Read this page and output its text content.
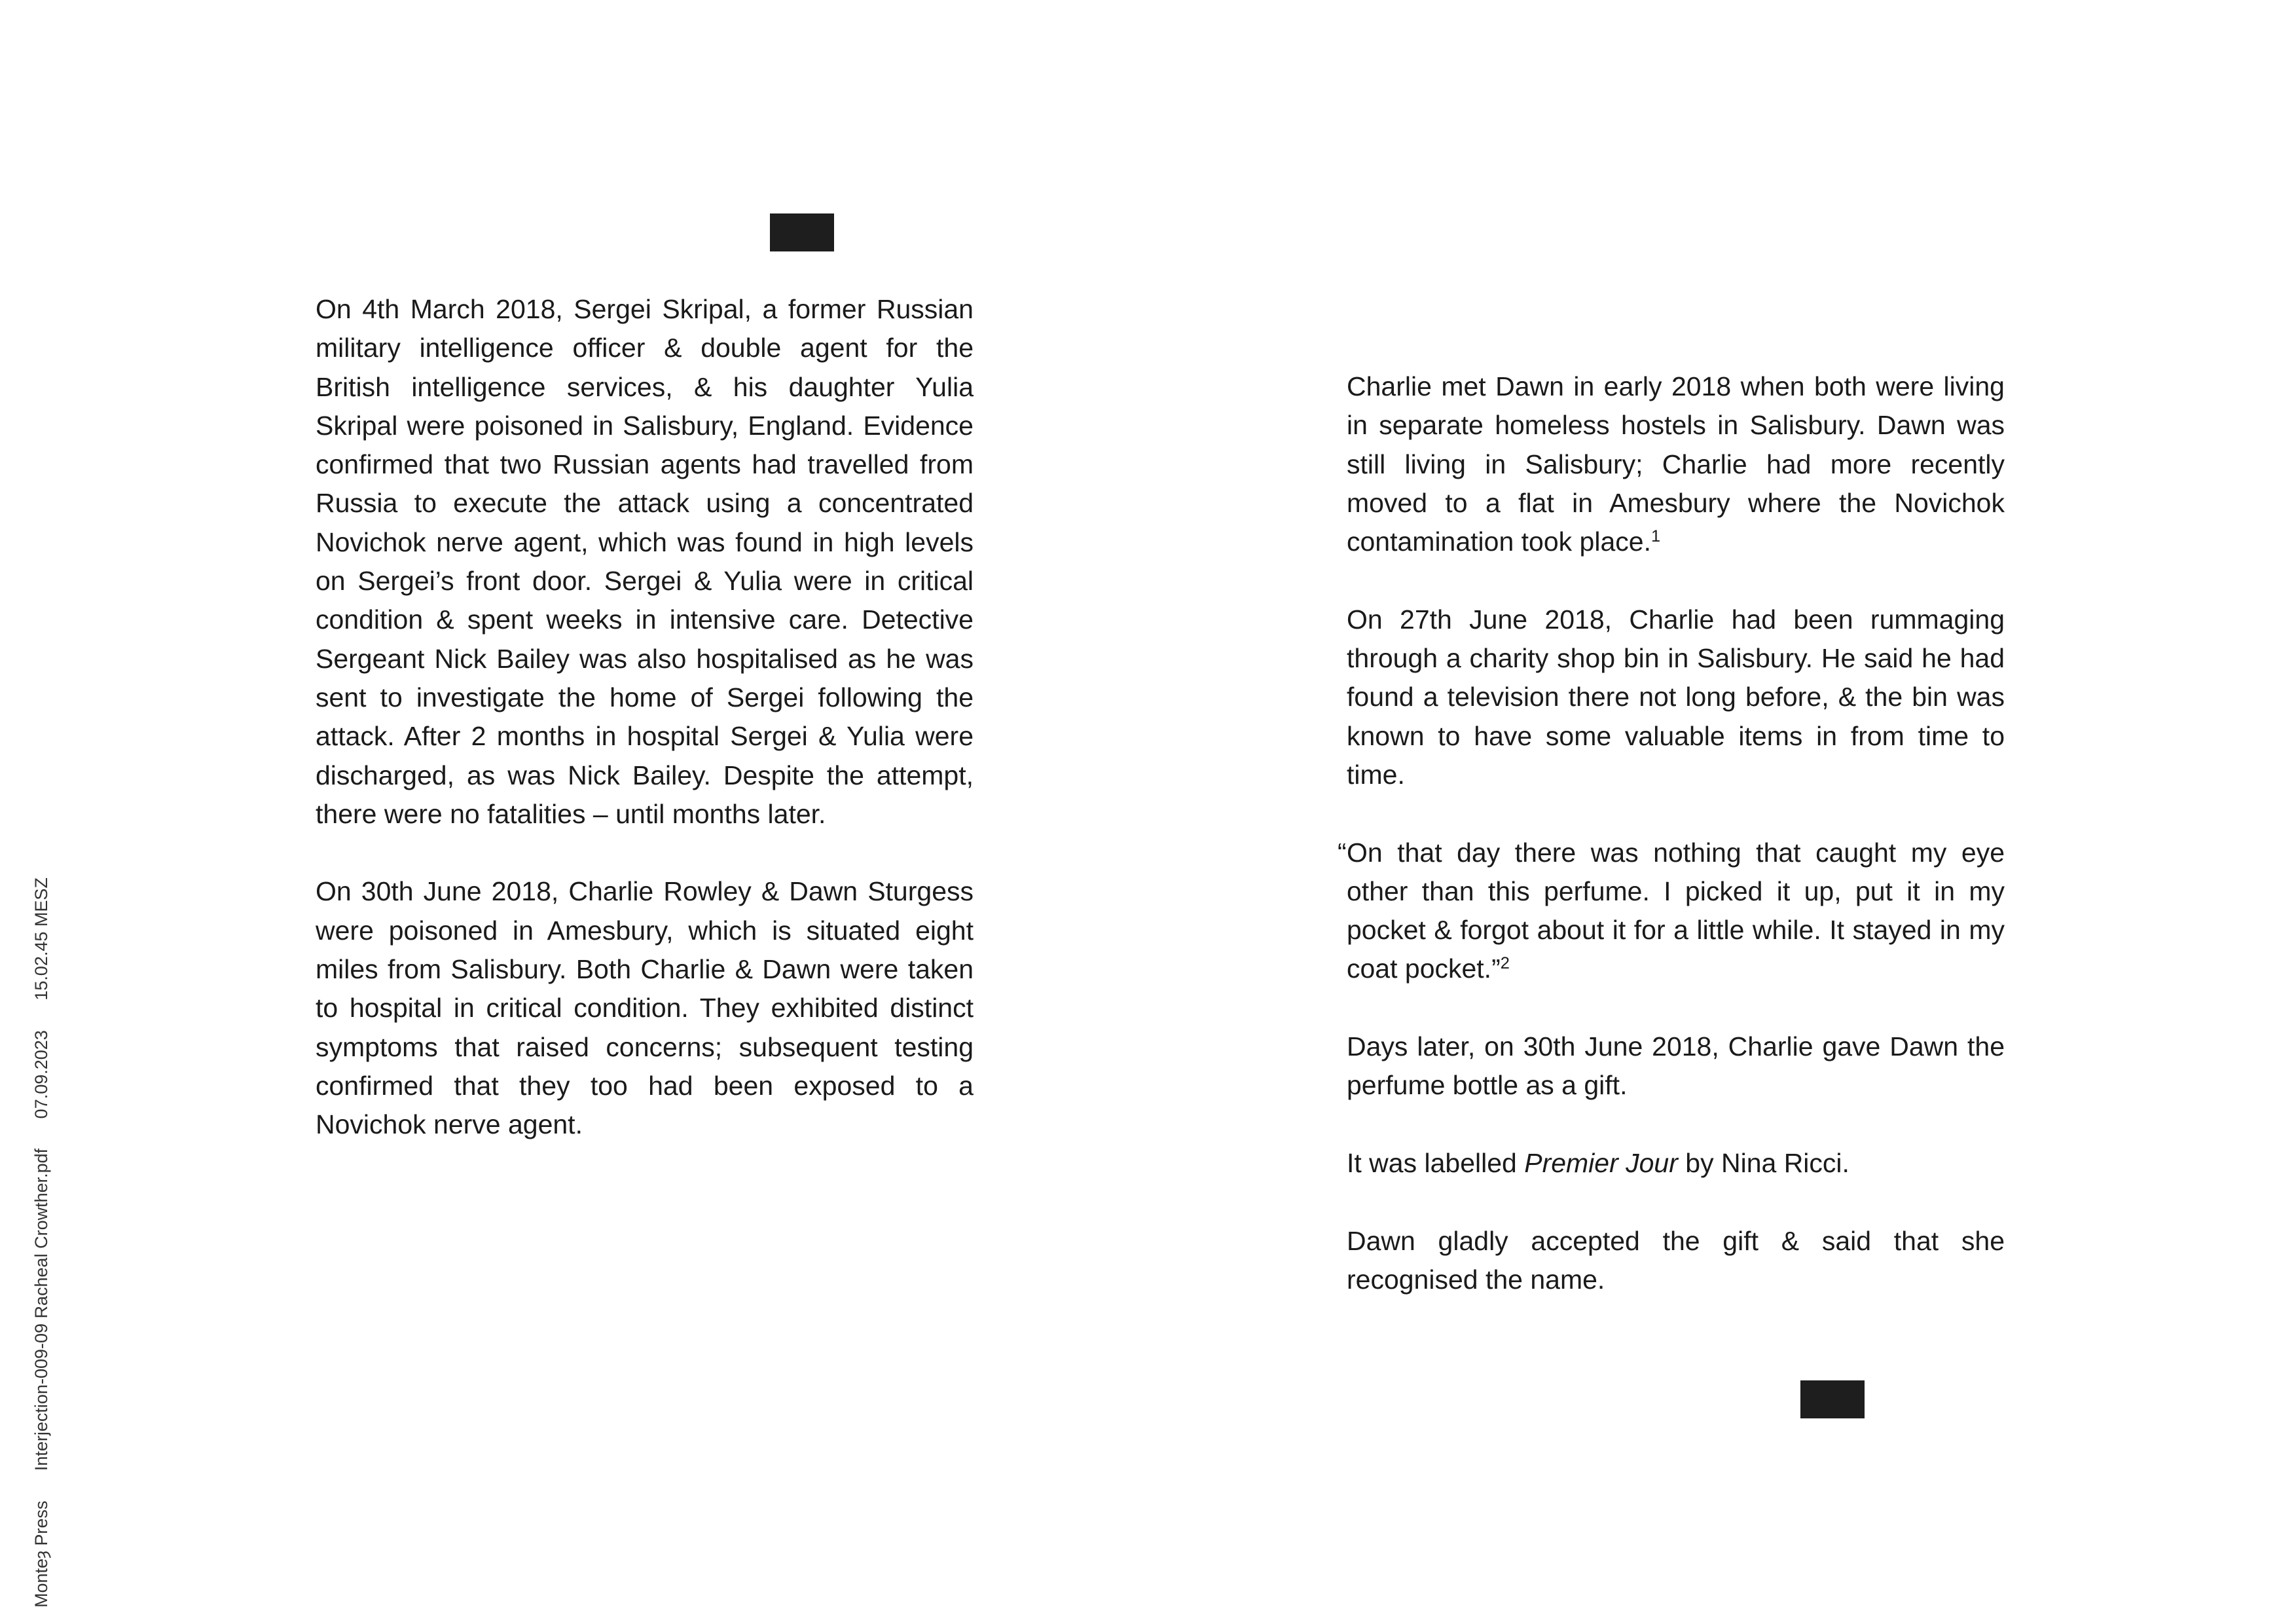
On 4th March 2018, Sergei Skripal, a former Russian military intelligence officer & double agent for the British intelligence services, & his daughter Yulia Skripal were poisoned in Salisbury, England. Evidence confirmed that two Russian agents had travelled from Russia to execute the attack using a concentrated Novichok nerve agent, which was found in high levels on Sergei’s front door. Sergei & Yulia were in critical condition & spent weeks in intensive care. Detective Sergeant Nick Bailey was also hospitalised as he was sent to investigate the home of Sergei following the attack. After 2 months in hospital Sergei & Yulia were discharged, as was Nick Bailey. Despite the attempt, there were no fatalities – until months later.

On 30th June 2018, Charlie Rowley & Dawn Sturgess were poisoned in Amesbury, which is situated eight miles from Salisbury. Both Charlie & Dawn were taken to hospital in critical condition. They exhibited distinct symptoms that raised concerns; subsequent testing confirmed that they too had been exposed to a Novichok nerve agent.

Charlie met Dawn in early 2018 when both were living in separate homeless hostels in Salisbury. Dawn was still living in Salisbury; Charlie had more recently moved to a flat in Amesbury where the Novichok contamination took place.$^1$

On 27th June 2018, Charlie had been rummaging through a charity shop bin in Salisbury. He said he had found a television there not long before, & the bin was known to have some valuable items in from time to time.

“ On that day there was nothing that caught my eye other than this perfume. I picked it up, put it in my pocket & forgot about it for a little while. It stayed in my coat pocket.”$^2$

Days later, on 30th June 2018, Charlie gave Dawn the perfume bottle as a gift.

It was labelled Premier Jour by Nina Ricci.

Dawn gladly accepted the gift & said that she recognised the name.

Monteȝ Press Interjection-009-09 Racheal Crowther.pdf 07.09.2023 15.02.45 MESZ
